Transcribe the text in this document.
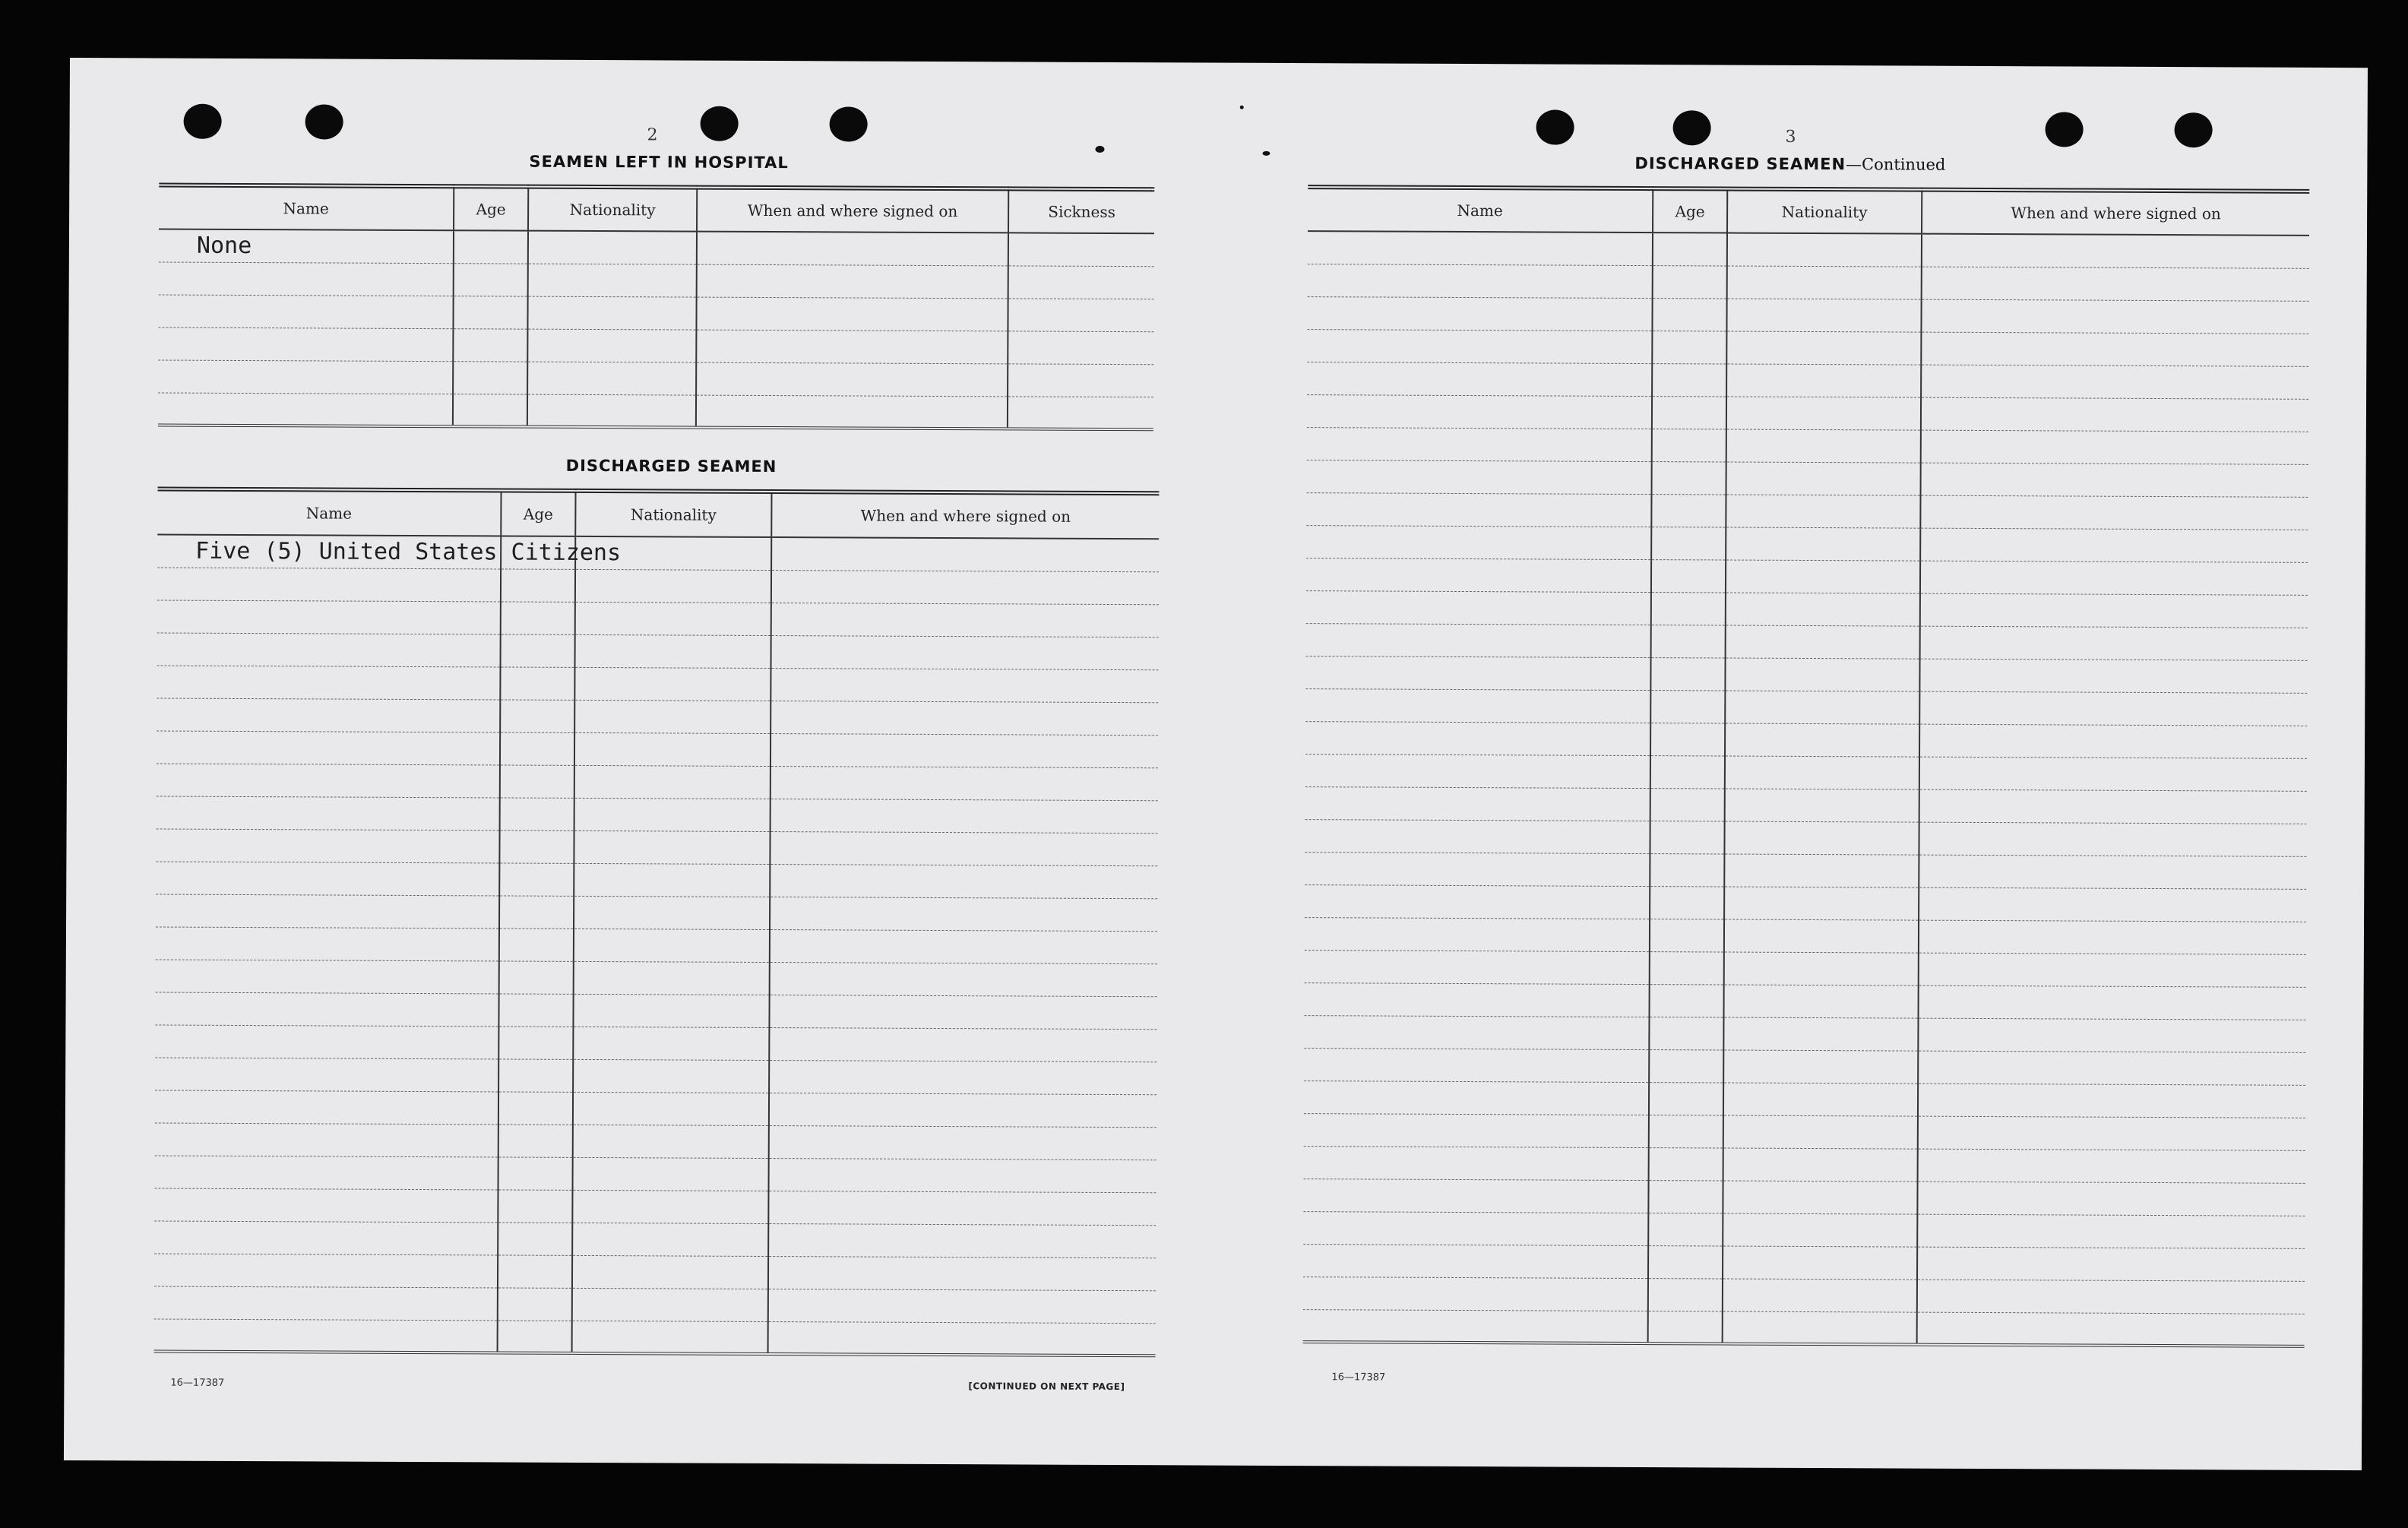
2
SEAMEN LEFT IN HOSPITAL
Name	Age	Nationality	When and where signed on	Sickness
None				

DISCHARGED SEAMEN
Name	Age	Nationality	When and where signed on
Five (5) United States Citizens			

16—17387	[CONTINUED ON NEXT PAGE]
3
DISCHARGED SEAMEN—Continued
Name	Age	Nationality	When and where signed on

16—17387
